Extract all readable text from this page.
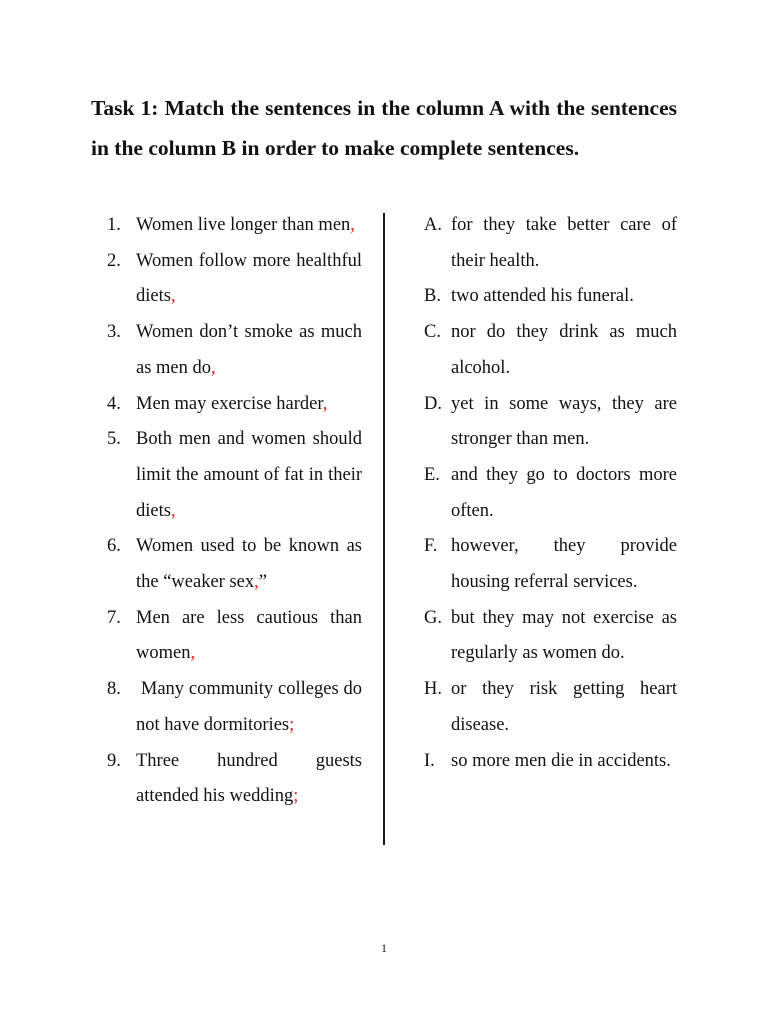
Task 1: Match the sentences in the column A with the sentences in the column B in order to make complete sentences.
1. Women live longer than men,
2. Women follow more healthful diets,
3. Women don’t smoke as much as men do,
4. Men may exercise harder,
5. Both men and women should limit the amount of fat in their diets,
6. Women used to be known as the “weaker sex,”
7. Men are less cautious than women,
8. Many community colleges do not have dormitories;
9. Three hundred guests attended his wedding;
A. for they take better care of their health.
B. two attended his funeral.
C. nor do they drink as much alcohol.
D. yet in some ways, they are stronger than men.
E. and they go to doctors more often.
F. however, they provide housing referral services.
G. but they may not exercise as regularly as women do.
H. or they risk getting heart disease.
I. so more men die in accidents.
1
